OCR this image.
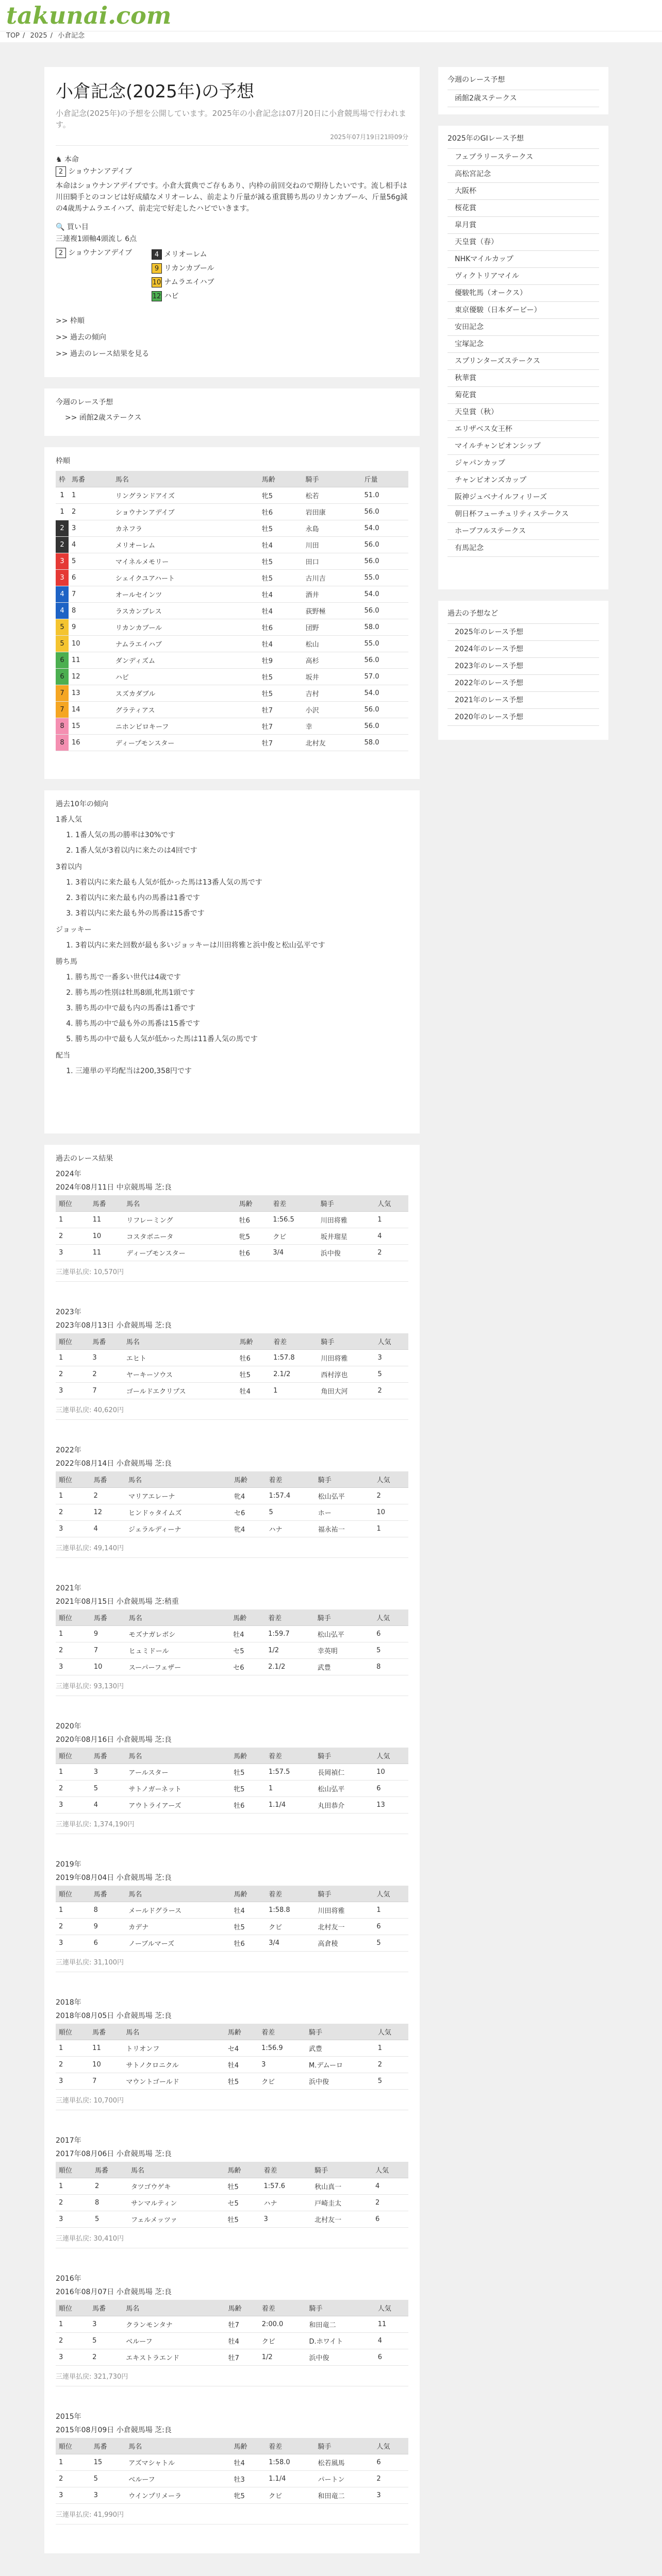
takunai.com
TOP / 2025 / 小倉記念
小倉記念(2025年)の予想
小倉記念(2025年)の予想を公開しています。2025年の小倉記念は07月20日に小倉競馬場で行われます。
2025年07月19日21時09分
♞ 本命
2 ショウナンアデイブ
本命はショウナンアデイブです。小倉大賞典でご存もあり、内枠の前回交ねので期待したいです。流し相手は川田騎手とのコンビは好成績なメリオーレム、前走より斤量が減る重賞勝ち馬のリカンカブール、斤量56g減の4歳馬ナムラエイハブ、前走完で好走したハビでいきます。
🔍 買い目
三連複1頭軸4頭流し 6点
2 ショウナンアデイブ	4 メリオーレム
9 リカンカブール
10 ナムラエイハブ
12 ハビ
>> 枠順
>> 過去の傾向
>> 過去のレース結果を見る
今週のレース予想
>> 函館2歳ステークス
枠順
枠	馬番	馬名	馬齢	騎手	斤量
1	1	リングランドアイズ	牝5	松若	51.0
1	2	ショウナンアデイブ	牡6	岩田康	56.0
2	3	カネフラ	牡5	永島	54.0
2	4	メリオーレム	牡4	川田	56.0
3	5	マイネルメモリー	牡5	田口	56.0
3	6	シェイクユアハート	牡5	古川吉	55.0
4	7	オールセインツ	牡4	酒井	54.0
4	8	ラスカンブレス	牡4	荻野極	56.0
5	9	リカンカブール	牡6	団野	58.0
5	10	ナムラエイハブ	牡4	松山	55.0
6	11	ダンディズム	牡9	高杉	56.0
6	12	ハビ	牡5	坂井	57.0
7	13	スズカダブル	牡5	吉村	54.0
7	14	グラティアス	牡7	小沢	56.0
8	15	ニホンピロキーフ	牡7	幸	56.0
8	16	ディープモンスター	牡7	北村友	58.0
過去10年の傾向
1番人気
1. 1番人気の馬の勝率は30%です
2. 1番人気が3着以内に来たのは4回です
3着以内
1. 3着以内に来た最も人気が低かった馬は13番人気の馬です
2. 3着以内に来た最も内の馬番は1番です
3. 3着以内に来た最も外の馬番は15番です
ジョッキー
1. 3着以内に来た回数が最も多いジョッキーは川田将雅と浜中俊と松山弘平です
勝ち馬
1. 勝ち馬で一番多い世代は4歳です
2. 勝ち馬の性別は牡馬8頭,牝馬1頭です
3. 勝ち馬の中で最も内の馬番は1番です
4. 勝ち馬の中で最も外の馬番は15番です
5. 勝ち馬の中で最も人気が低かった馬は11番人気の馬です
配当
1. 三連単の平均配当は200,358円です
過去のレース結果
2024年
2024年08月11日 中京競馬場 芝:良
順位	馬番	馬名	馬齢	着差	騎手	人気
1	11	リフレーミング	牡6	1:56.5	川田将雅	1
2	10	コスタボニータ	牝5	クビ	坂井瑠星	4
3	11	ディープモンスター	牡6	3/4	浜中俊	2
三連単払戻: 10,570円
2023年
2023年08月13日 小倉競馬場 芝:良
順位	馬番	馬名	馬齢	着差	騎手	人気
1	3	エヒト	牡6	1:57.8	川田将雅	3
2	2	ヤーキーソウス	牡5	2.1/2	西村淳也	5
3	7	ゴールドエクリプス	牡4	1	角田大河	2
三連単払戻: 40,620円
2022年
2022年08月14日 小倉競馬場 芝:良
順位	馬番	馬名	馬齢	着差	騎手	人気
1	2	マリアエレーナ	牝4	1:57.4	松山弘平	2
2	12	ヒンドゥタイムズ	セ6	5	ホー	10
3	4	ジェラルディーナ	牝4	ハナ	福永祐一	1
三連単払戻: 49,140円
2021年
2021年08月15日 小倉競馬場 芝:稍重
順位	馬番	馬名	馬齢	着差	騎手	人気
1	9	モズナガレボシ	牡4	1:59.7	松山弘平	6
2	7	ヒュミドール	セ5	1/2	幸英明	5
3	10	スーパーフェザー	セ6	2.1/2	武豊	8
三連単払戻: 93,130円
2020年
2020年08月16日 小倉競馬場 芝:良
順位	馬番	馬名	馬齢	着差	騎手	人気
1	3	アールスター	牡5	1:57.5	長岡禎仁	10
2	5	サトノガーネット	牝5	1	松山弘平	6
3	4	アウトライアーズ	牡6	1.1/4	丸田恭介	13
三連単払戻: 1,374,190円
2019年
2019年08月04日 小倉競馬場 芝:良
順位	馬番	馬名	馬齢	着差	騎手	人気
1	8	メールドグラース	牡4	1:58.8	川田将雅	1
2	9	カデナ	牡5	クビ	北村友一	6
3	6	ノーブルマーズ	牡6	3/4	高倉稜	5
三連単払戻: 31,100円
2018年
2018年08月05日 小倉競馬場 芝:良
順位	馬番	馬名	馬齢	着差	騎手	人気
1	11	トリオンフ	セ4	1:56.9	武豊	1
2	10	サトノクロニクル	牡4	3	M.デムーロ	2
3	7	マウントゴールド	牡5	クビ	浜中俊	5
三連単払戻: 10,700円
2017年
2017年08月06日 小倉競馬場 芝:良
順位	馬番	馬名	馬齢	着差	騎手	人気
1	2	タツゴウゲキ	牡5	1:57.6	秋山真一	4
2	8	サンマルティン	セ5	ハナ	戸崎圭太	2
3	5	フェルメッツァ	牡5	3	北村友一	6
三連単払戻: 30,410円
2016年
2016年08月07日 小倉競馬場 芝:良
順位	馬番	馬名	馬齢	着差	騎手	人気
1	3	クランモンタナ	牡7	2:00.0	和田竜二	11
2	5	ベルーフ	牡4	クビ	D.ホワイト	4
3	2	エキストラエンド	牡7	1/2	浜中俊	6
三連単払戻: 321,730円
2015年
2015年08月09日 小倉競馬場 芝:良
順位	馬番	馬名	馬齢	着差	騎手	人気
1	15	アズマシャトル	牡4	1:58.0	松若風馬	6
2	5	ベルーフ	牡3	1.1/4	パートン	2
3	3	ウインプリメーラ	牝5	クビ	和田竜二	3
三連単払戻: 41,990円
今週のレース予想
函館2歳ステークス
2025年のGIレース予想
フェブラリーステークス
高松宮記念
大阪杯
桜花賞
皐月賞
天皇賞（春）
NHKマイルカップ
ヴィクトリアマイル
優駿牝馬（オークス）
東京優駿（日本ダービー）
安田記念
宝塚記念
スプリンターズステークス
秋華賞
菊花賞
天皇賞（秋）
エリザベス女王杯
マイルチャンピオンシップ
ジャパンカップ
チャンピオンズカップ
阪神ジュベナイルフィリーズ
朝日杯フューチュリティステークス
ホープフルステークス
有馬記念
過去の予想など
2025年のレース予想
2024年のレース予想
2023年のレース予想
2022年のレース予想
2021年のレース予想
2020年のレース予想
